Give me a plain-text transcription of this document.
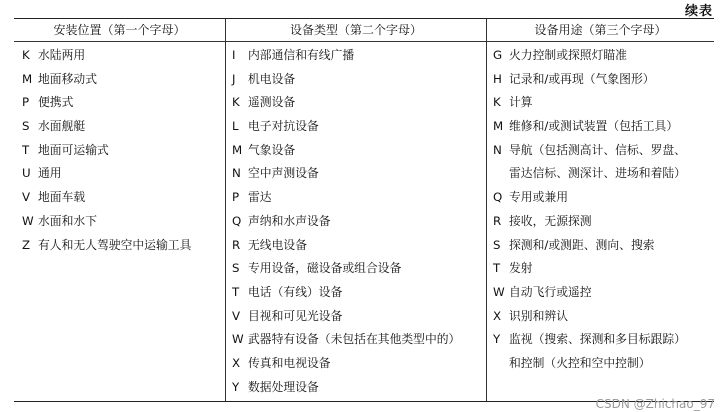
续表
安装位置（第一个字母）	设备类型（第二个字母）	设备用途（第三个字母）
K 水陆两用
M 地面移动式
P 便携式
S 水面舰艇
T 地面可运输式
U 通用
V 地面车载
W 水面和水下
Z 有人和无人驾驶空中运输工具
I 内部通信和有线广播
J 机电设备
K 遥测设备
L 电子对抗设备
M 气象设备
N 空中声测设备
P 雷达
Q 声纳和水声设备
R 无线电设备
S 专用设备，磁设备或组合设备
T 电话（有线）设备
V 目视和可见光设备
W 武器特有设备（未包括在其他类型中的）
X 传真和电视设备
Y 数据处理设备
G 火力控制或探照灯瞄准
H 记录和/或再现（气象图形）
K 计算
M 维修和/或测试装置（包括工具）
N 导航（包括测高计、信标、罗盘、
雷达信标、测深计、进场和着陆）
Q 专用或兼用
R 接收，无源探测
S 探测和/或测距、测向、搜索
T 发射
W 自动飞行或遥控
X 识别和辨认
Y 监视（搜索、探测和多目标跟踪）
和控制（火控和空中控制）
CSDN @Zhichao_97
